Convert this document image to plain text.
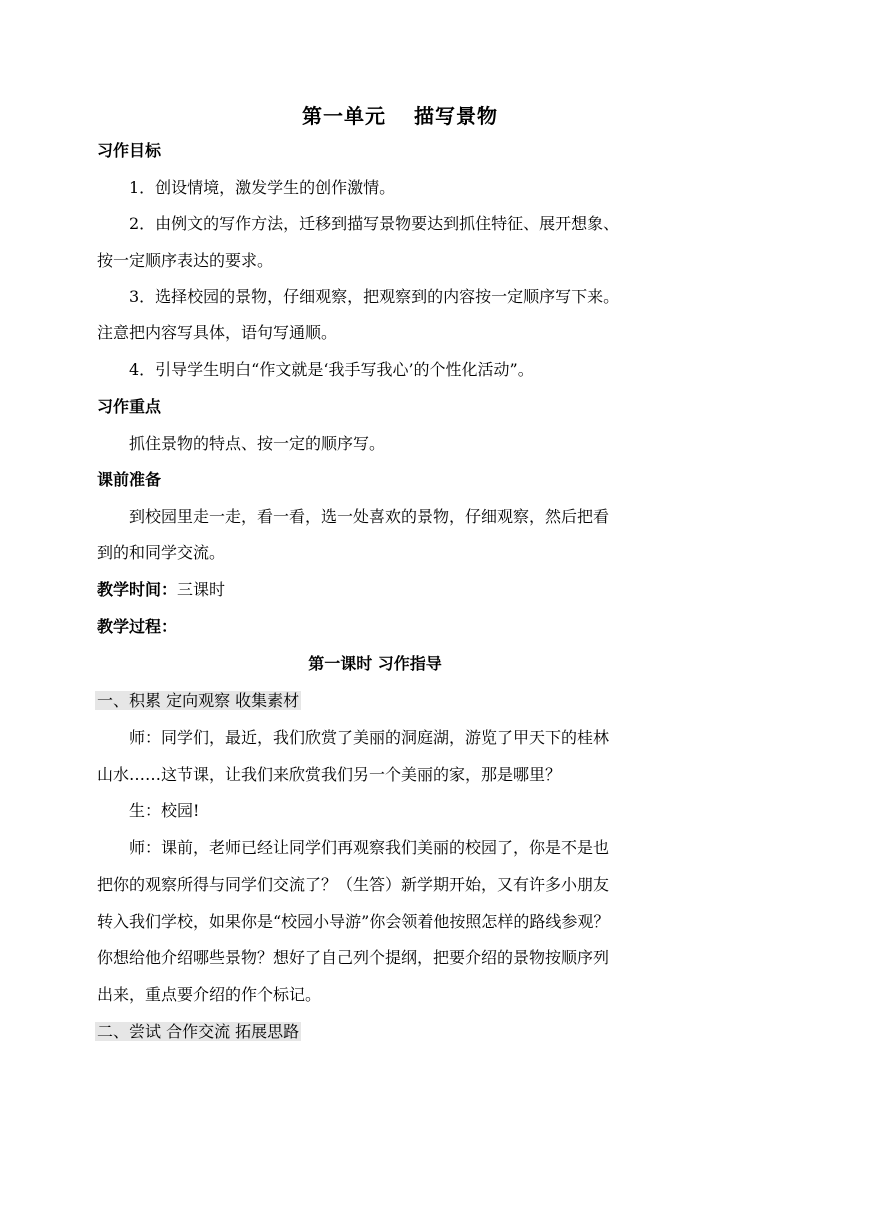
第一单元 描写景物
习作目标
1．创设情境，激发学生的创作激情。
2．由例文的写作方法，迁移到描写景物要达到抓住特征、展开想象、
按一定顺序表达的要求。
3．选择校园的景物，仔细观察，把观察到的内容按一定顺序写下来。
注意把内容写具体，语句写通顺。
4．引导学生明白“作文就是‘我手写我心’的个性化活动”。
习作重点
抓住景物的特点、按一定的顺序写。
课前准备
到校园里走一走，看一看，选一处喜欢的景物，仔细观察，然后把看
到的和同学交流。
教学时间：三课时
教学过程：
第一课时 习作指导
一、积累 定向观察 收集素材
师：同学们，最近，我们欣赏了美丽的洞庭湖，游览了甲天下的桂林
山水……这节课，让我们来欣赏我们另一个美丽的家，那是哪里？
生：校园!
师：课前，老师已经让同学们再观察我们美丽的校园了，你是不是也
把你的观察所得与同学们交流了？（生答）新学期开始，又有许多小朋友
转入我们学校，如果你是“校园小导游”你会领着他按照怎样的路线参观？
你想给他介绍哪些景物？想好了自己列个提纲，把要介绍的景物按顺序列
出来，重点要介绍的作个标记。
二、尝试 合作交流 拓展思路
